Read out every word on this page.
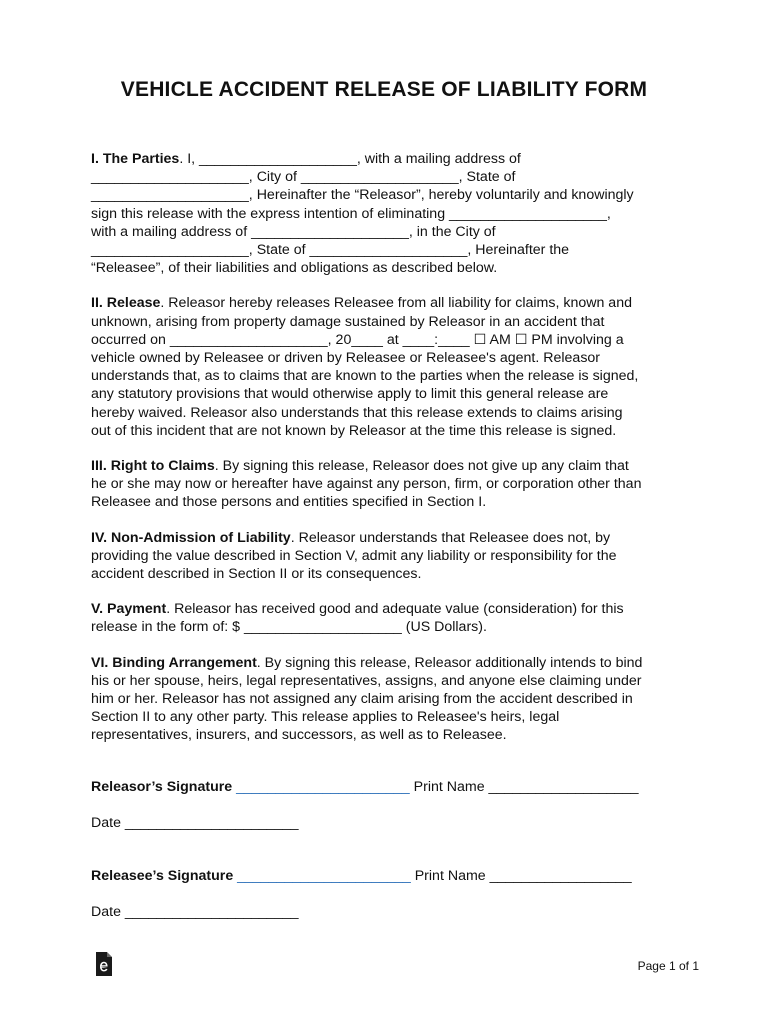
VEHICLE ACCIDENT RELEASE OF LIABILITY FORM

I. The Parties. I, ____________________, with a mailing address of

____________________, City of ____________________, State of

____________________, Hereinafter the “Releasor”, hereby voluntarily and knowingly

sign this release with the express intention of eliminating ____________________,

with a mailing address of ____________________, in the City of

____________________, State of ____________________, Hereinafter the

“Releasee”, of their liabilities and obligations as described below.

II. Release. Releasor hereby releases Releasee from all liability for claims, known and

unknown, arising from property damage sustained by Releasor in an accident that

occurred on ____________________, 20____ at ____:____ ☐ AM ☐ PM involving a

vehicle owned by Releasee or driven by Releasee or Releasee's agent. Releasor

understands that, as to claims that are known to the parties when the release is signed,

any statutory provisions that would otherwise apply to limit this general release are

hereby waived. Releasor also understands that this release extends to claims arising

out of this incident that are not known by Releasor at the time this release is signed.

III. Right to Claims. By signing this release, Releasor does not give up any claim that

he or she may now or hereafter have against any person, firm, or corporation other than

Releasee and those persons and entities specified in Section I.

IV. Non-Admission of Liability. Releasor understands that Releasee does not, by

providing the value described in Section V, admit any liability or responsibility for the

accident described in Section II or its consequences.

V. Payment. Releasor has received good and adequate value (consideration) for this

release in the form of: $ ____________________ (US Dollars).

VI. Binding Arrangement. By signing this release, Releasor additionally intends to bind

his or her spouse, heirs, legal representatives, assigns, and anyone else claiming under

him or her. Releasor has not assigned any claim arising from the accident described in

Section II to any other party. This release applies to Releasee's heirs, legal

representatives, insurers, and successors, as well as to Releasee.

Releasor’s Signature ______________________ Print Name ___________________
Date ______________________
Releasee’s Signature ______________________ Print Name __________________
Date ______________________
Page 1 of 1
